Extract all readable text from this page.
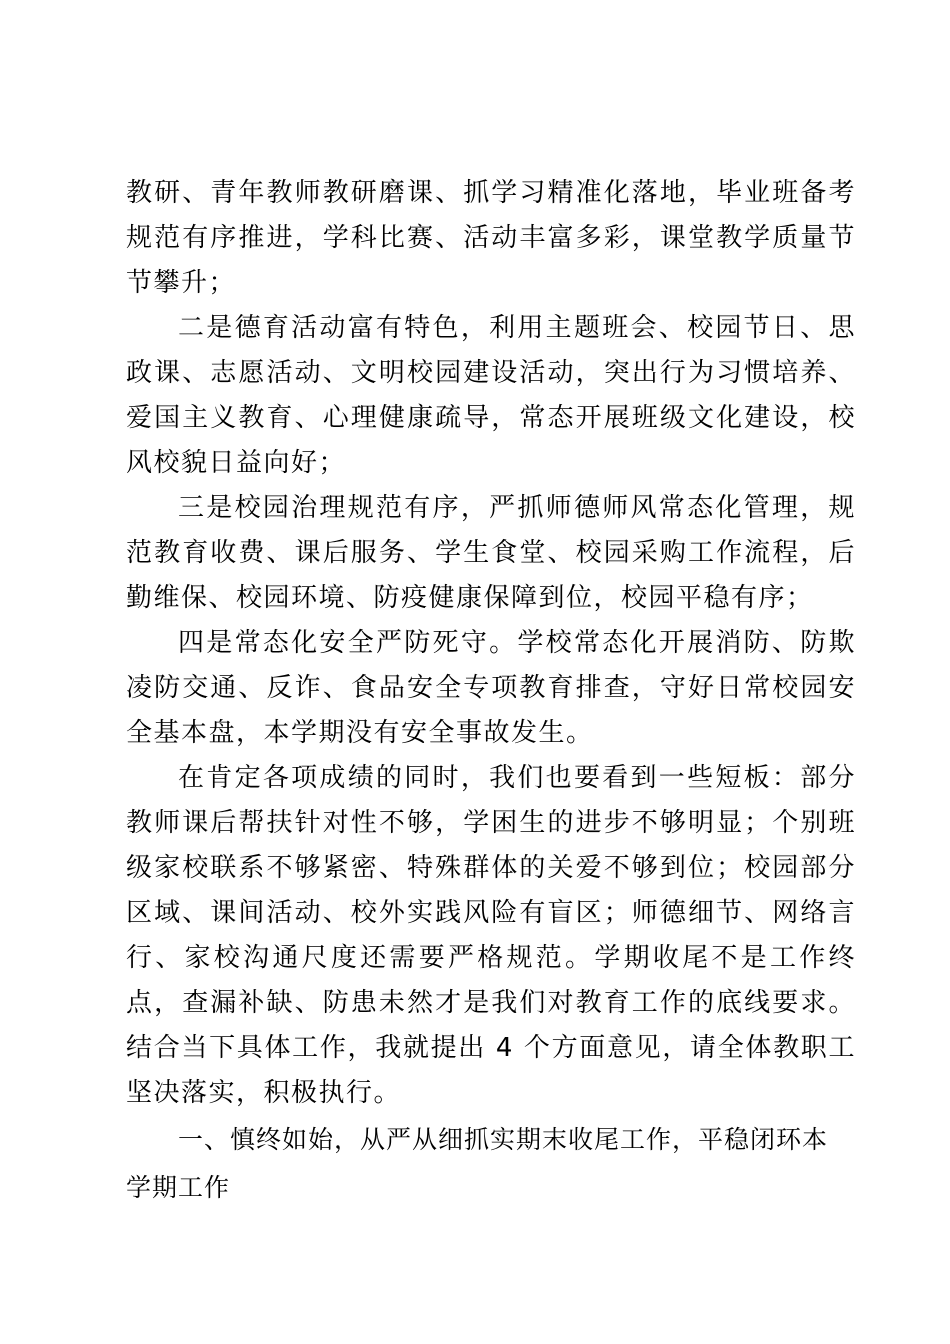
教研、青年教师教研磨课、抓学习精准化落地，毕业班备考规范有序推进，学科比赛、活动丰富多彩，课堂教学质量节节攀升；

二是德育活动富有特色，利用主题班会、校园节日、思政课、志愿活动、文明校园建设活动，突出行为习惯培养、爱国主义教育、心理健康疏导，常态开展班级文化建设，校风校貌日益向好；

三是校园治理规范有序，严抓师德师风常态化管理，规范教育收费、课后服务、学生食堂、校园采购工作流程，后勤维保、校园环境、防疫健康保障到位，校园平稳有序；

四是常态化安全严防死守。学校常态化开展消防、防欺凌防交通、反诈、食品安全专项教育排查，守好日常校园安全基本盘，本学期没有安全事故发生。

在肯定各项成绩的同时，我们也要看到一些短板：部分教师课后帮扶针对性不够，学困生的进步不够明显；个别班级家校联系不够紧密、特殊群体的关爱不够到位；校园部分区域、课间活动、校外实践风险有盲区；师德细节、网络言行、家校沟通尺度还需要严格规范。学期收尾不是工作终点，查漏补缺、防患未然才是我们对教育工作的底线要求。结合当下具体工作，我就提出 4 个方面意见，请全体教职工坚决落实，积极执行。

一、慎终如始，从严从细抓实期末收尾工作，平稳闭环本学期工作
